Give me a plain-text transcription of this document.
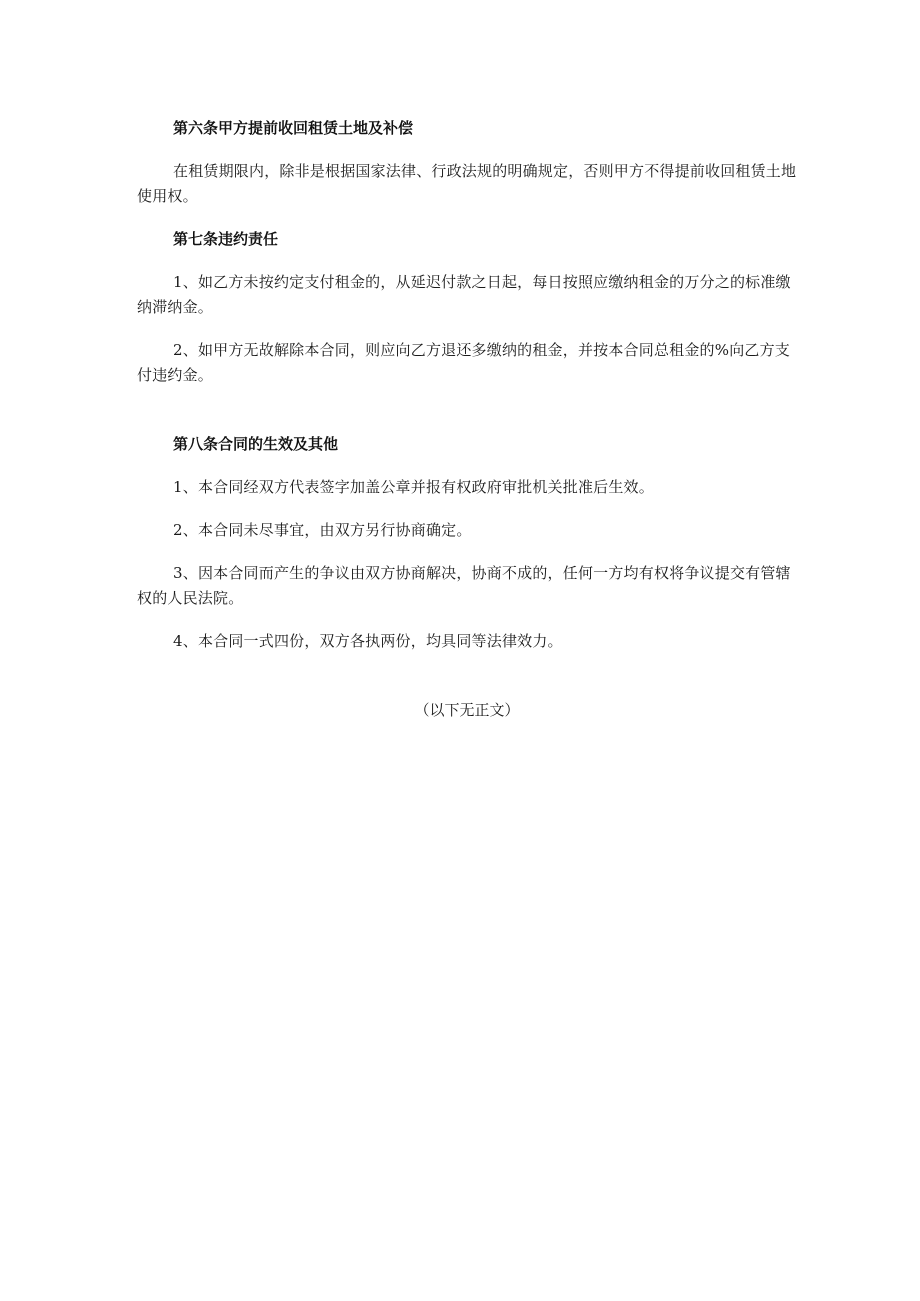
第六条甲方提前收回租赁土地及补偿

在租赁期限内，除非是根据国家法律、行政法规的明确规定，否则甲方不得提前收回租赁土地使用权。

第七条违约责任

1、如乙方未按约定支付租金的，从延迟付款之日起，每日按照应缴纳租金的万分之的标准缴纳滞纳金。

2、如甲方无故解除本合同，则应向乙方退还多缴纳的租金，并按本合同总租金的%向乙方支付违约金。

第八条合同的生效及其他

1、本合同经双方代表签字加盖公章并报有权政府审批机关批准后生效。

2、本合同未尽事宜，由双方另行协商确定。

3、因本合同而产生的争议由双方协商解决，协商不成的，任何一方均有权将争议提交有管辖权的人民法院。

4、本合同一式四份，双方各执两份，均具同等法律效力。

（以下无正文）
